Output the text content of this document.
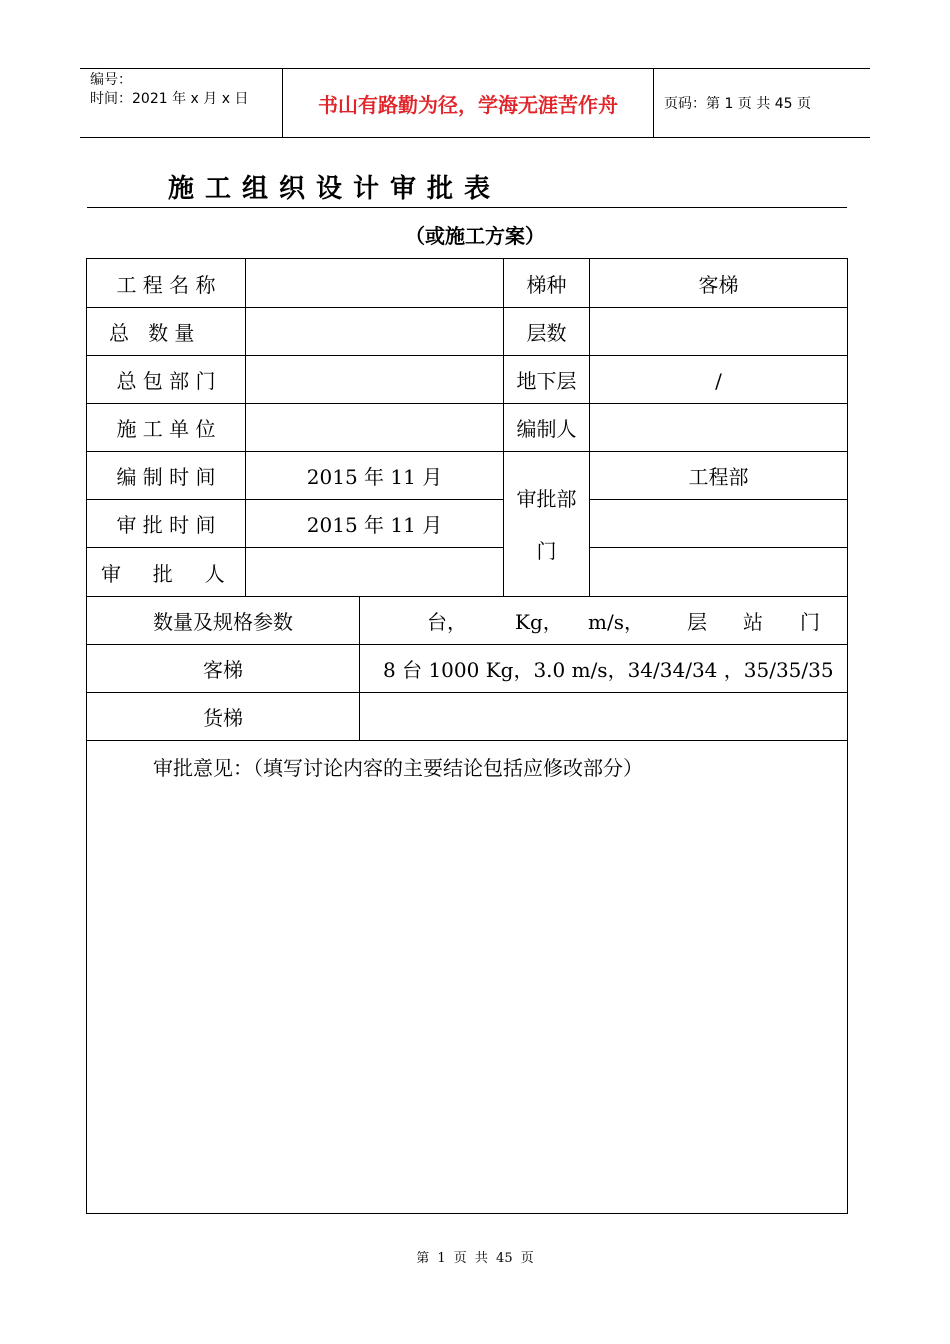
编号：
时间：2021 年 x 月 x 日	书山有路勤为径，学海无涯苦作舟	页码：第 1 页 共 45 页
施工组织设计审批表
（或施工方案）
工 程 名 称	梯种	客梯
总   数 量	层数
总 包 部 门	地下层	/
施 工 单 位	编制人
编 制 时 间	2015 年 11 月	工程部
审批部
门
审 批 时 间	2015 年 11 月
审     批     人
数量及规格参数	台， Kg， m/s， 层 站 门
客梯	8 台 1000 Kg，3.0 m/s，34/34/34 ，35/35/35
货梯
审批意见：（填写讨论内容的主要结论包括应修改部分）
第 1 页 共 45 页
